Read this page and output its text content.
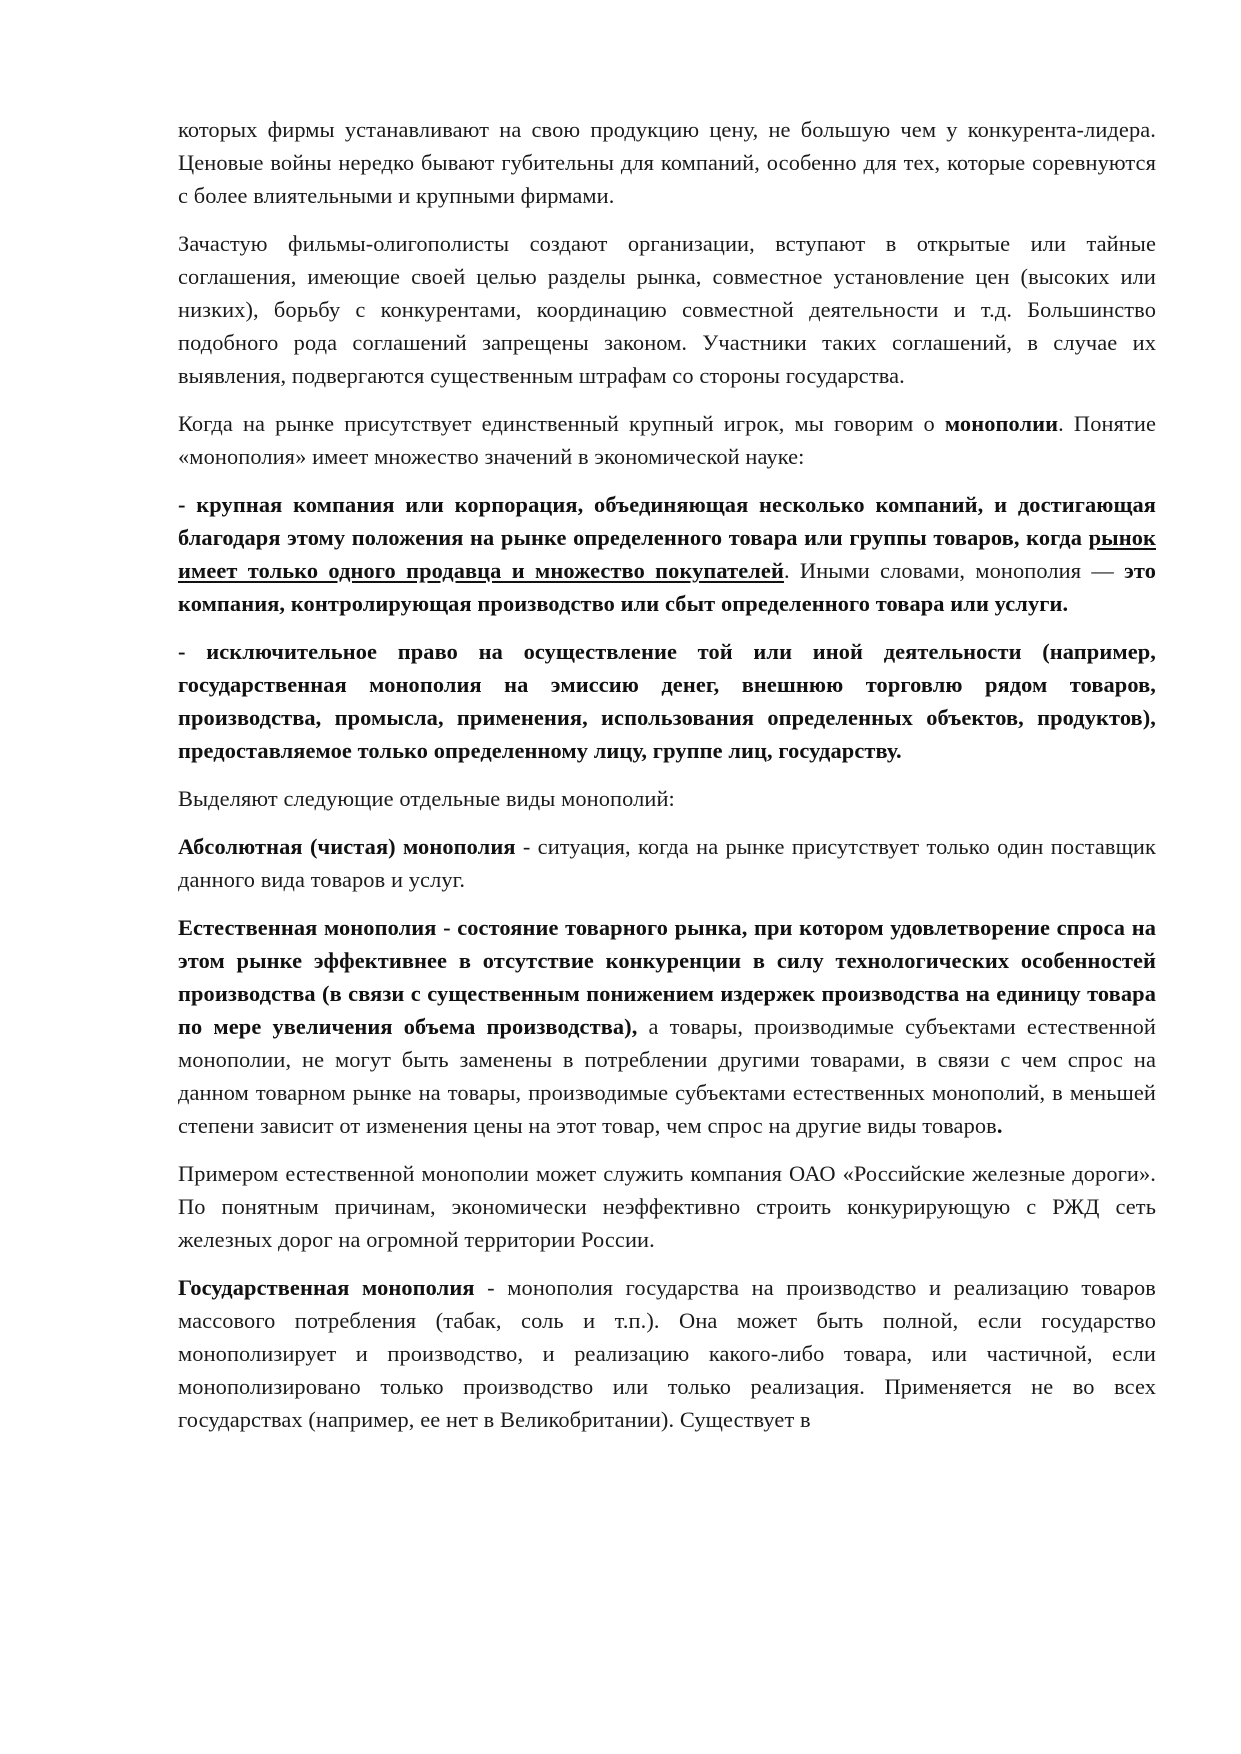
которых фирмы устанавливают на свою продукцию цену, не большую чем у конкурента-лидера. Ценовые войны нередко бывают губительны для компаний, особенно для тех, которые соревнуются с более влиятельными и крупными фирмами.

Зачастую фильмы-олигополисты создают организации, вступают в открытые или тайные соглашения, имеющие своей целью разделы рынка, совместное установление цен (высоких или низких), борьбу с конкурентами, координацию совместной деятельности и т.д. Большинство подобного рода соглашений запрещены законом. Участники таких соглашений, в случае их выявления, подвергаются существенным штрафам со стороны государства.

Когда на рынке присутствует единственный крупный игрок, мы говорим о монополии. Понятие «монополия» имеет множество значений в экономической науке:

- крупная компания или корпорация, объединяющая несколько компаний, и достигающая благодаря этому положения на рынке определенного товара или группы товаров, когда рынок имеет только одного продавца и множество покупателей. Иными словами, монополия — это компания, контролирующая производство или сбыт определенного товара или услуги.

- исключительное право на осуществление той или иной деятельности (например, государственная монополия на эмиссию денег, внешнюю торговлю рядом товаров, производства, промысла, применения, использования определенных объектов, продуктов), предоставляемое только определенному лицу, группе лиц, государству.

Выделяют следующие отдельные виды монополий:

Абсолютная (чистая) монополия - ситуация, когда на рынке присутствует только один поставщик данного вида товаров и услуг.

Естественная монополия - состояние товарного рынка, при котором удовлетворение спроса на этом рынке эффективнее в отсутствие конкуренции в силу технологических особенностей производства (в связи с существенным понижением издержек производства на единицу товара по мере увеличения объема производства), а товары, производимые субъектами естественной монополии, не могут быть заменены в потреблении другими товарами, в связи с чем спрос на данном товарном рынке на товары, производимые субъектами естественных монополий, в меньшей степени зависит от изменения цены на этот товар, чем спрос на другие виды товаров.

Примером естественной монополии может служить компания ОАО «Российские железные дороги». По понятным причинам, экономически неэффективно строить конкурирующую с РЖД сеть железных дорог на огромной территории России.

Государственная монополия - монополия государства на производство и реализацию товаров массового потребления (табак, соль и т.п.). Она может быть полной, если государство монополизирует и производство, и реализацию какого-либо товара, или частичной, если монополизировано только производство или только реализация. Применяется не во всех государствах (например, ее нет в Великобритании). Существует в
